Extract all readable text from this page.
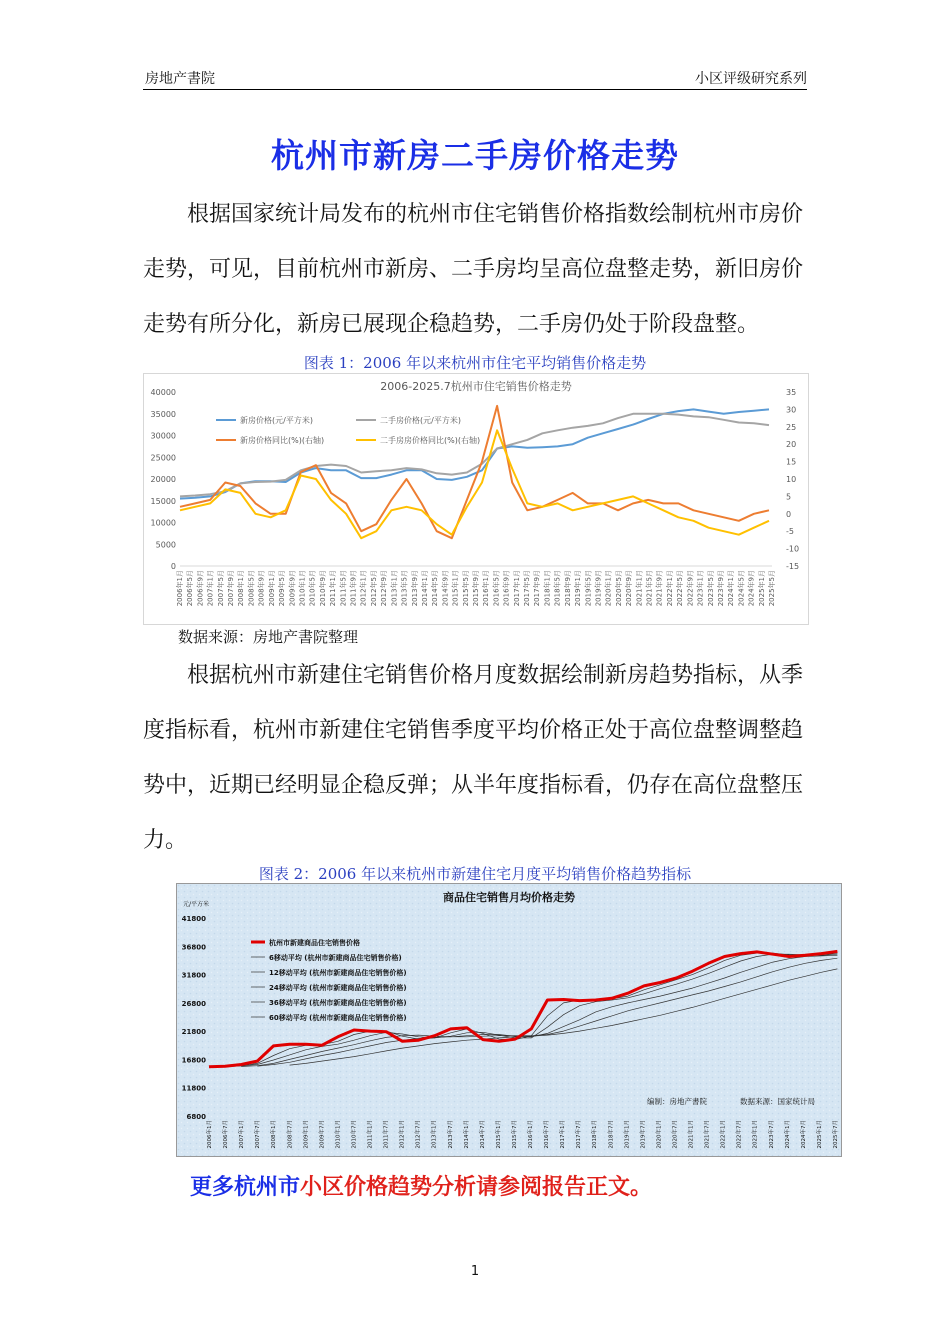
房地产書院	小区评级研究系列
杭州市新房二手房价格走势

根据国家统计局发布的杭州市住宅销售价格指数绘制杭州市房价走势，可见，目前杭州市新房、二手房均呈高位盘整走势，新旧房价走势有所分化，新房已展现企稳趋势，二手房仍处于阶段盘整。

图表 1：2006 年以来杭州市住宅平均销售价格走势
2006-2025.7杭州市住宅销售价格走势
0
5000
10000
15000
20000
25000
30000
35000
40000
-15
-10
-5
0
5
10
15
20
25
30
35
2006年1月 2006年5月 2006年9月 2007年1月 2007年5月 2007年9月 2008年1月 2008年5月 2008年9月 2009年1月 2009年5月 2009年9月 2010年1月 2010年5月 2010年9月 2011年1月 2011年5月 2011年9月 2012年1月 2012年5月 2012年9月 2013年1月 2013年5月 2013年9月 2014年1月 2014年5月 2014年9月 2015年1月 2015年5月 2015年9月 2016年1月 2016年5月 2016年9月 2017年1月 2017年5月 2017年9月 2018年1月 2018年5月 2018年9月 2019年1月 2019年5月 2019年9月 2020年1月 2020年5月 2020年9月 2021年1月 2021年5月 2021年9月 2022年1月 2022年5月 2022年9月 2023年1月 2023年5月 2023年9月 2024年1月 2024年5月 2024年9月 2025年1月 2025年5月
新房价格(元/平方米)	二手房价格(元/平方米)
新房价格同比(%)(右轴)	二手房房价格同比(%)(右轴)
数据来源：房地产書院整理

根据杭州市新建住宅销售价格月度数据绘制新房趋势指标，从季度指标看，杭州市新建住宅销售季度平均价格正处于高位盘整调整趋势中，近期已经明显企稳反弹；从半年度指标看，仍存在高位盘整压力。

图表 2：2006 年以来杭州市新建住宅月度平均销售价格趋势指标
商品住宅销售月均价格走势
元/平方米
6800
11800
16800
21800
26800
31800
36800
41800
2006年1月	2006年7月	2007年1月	2007年7月	2008年1月	2008年7月	2009年1月	2009年7月	2010年1月	2010年7月	2011年1月	2011年7月	2012年1月	2012年7月	2013年1月	2013年7月	2014年1月	2014年7月	2015年1月	2015年7月	2016年1月	2016年7月	2017年1月	2017年7月	2018年1月	2018年7月	2019年1月	2019年7月	2020年1月	2020年7月	2021年1月	2021年7月	2022年1月	2022年7月	2023年1月	2023年7月	2024年1月	2024年7月	2025年1月	2025年7月
杭州市新建商品住宅销售价格
6移动平均 (杭州市新建商品住宅销售价格)
12移动平均 (杭州市新建商品住宅销售价格)
24移动平均 (杭州市新建商品住宅销售价格)
36移动平均 (杭州市新建商品住宅销售价格)
60移动平均 (杭州市新建商品住宅销售价格)
编制：房地产書院	数据来源：国家统计局
更多杭州市小区价格趋势分析请参阅报告正文。
1
